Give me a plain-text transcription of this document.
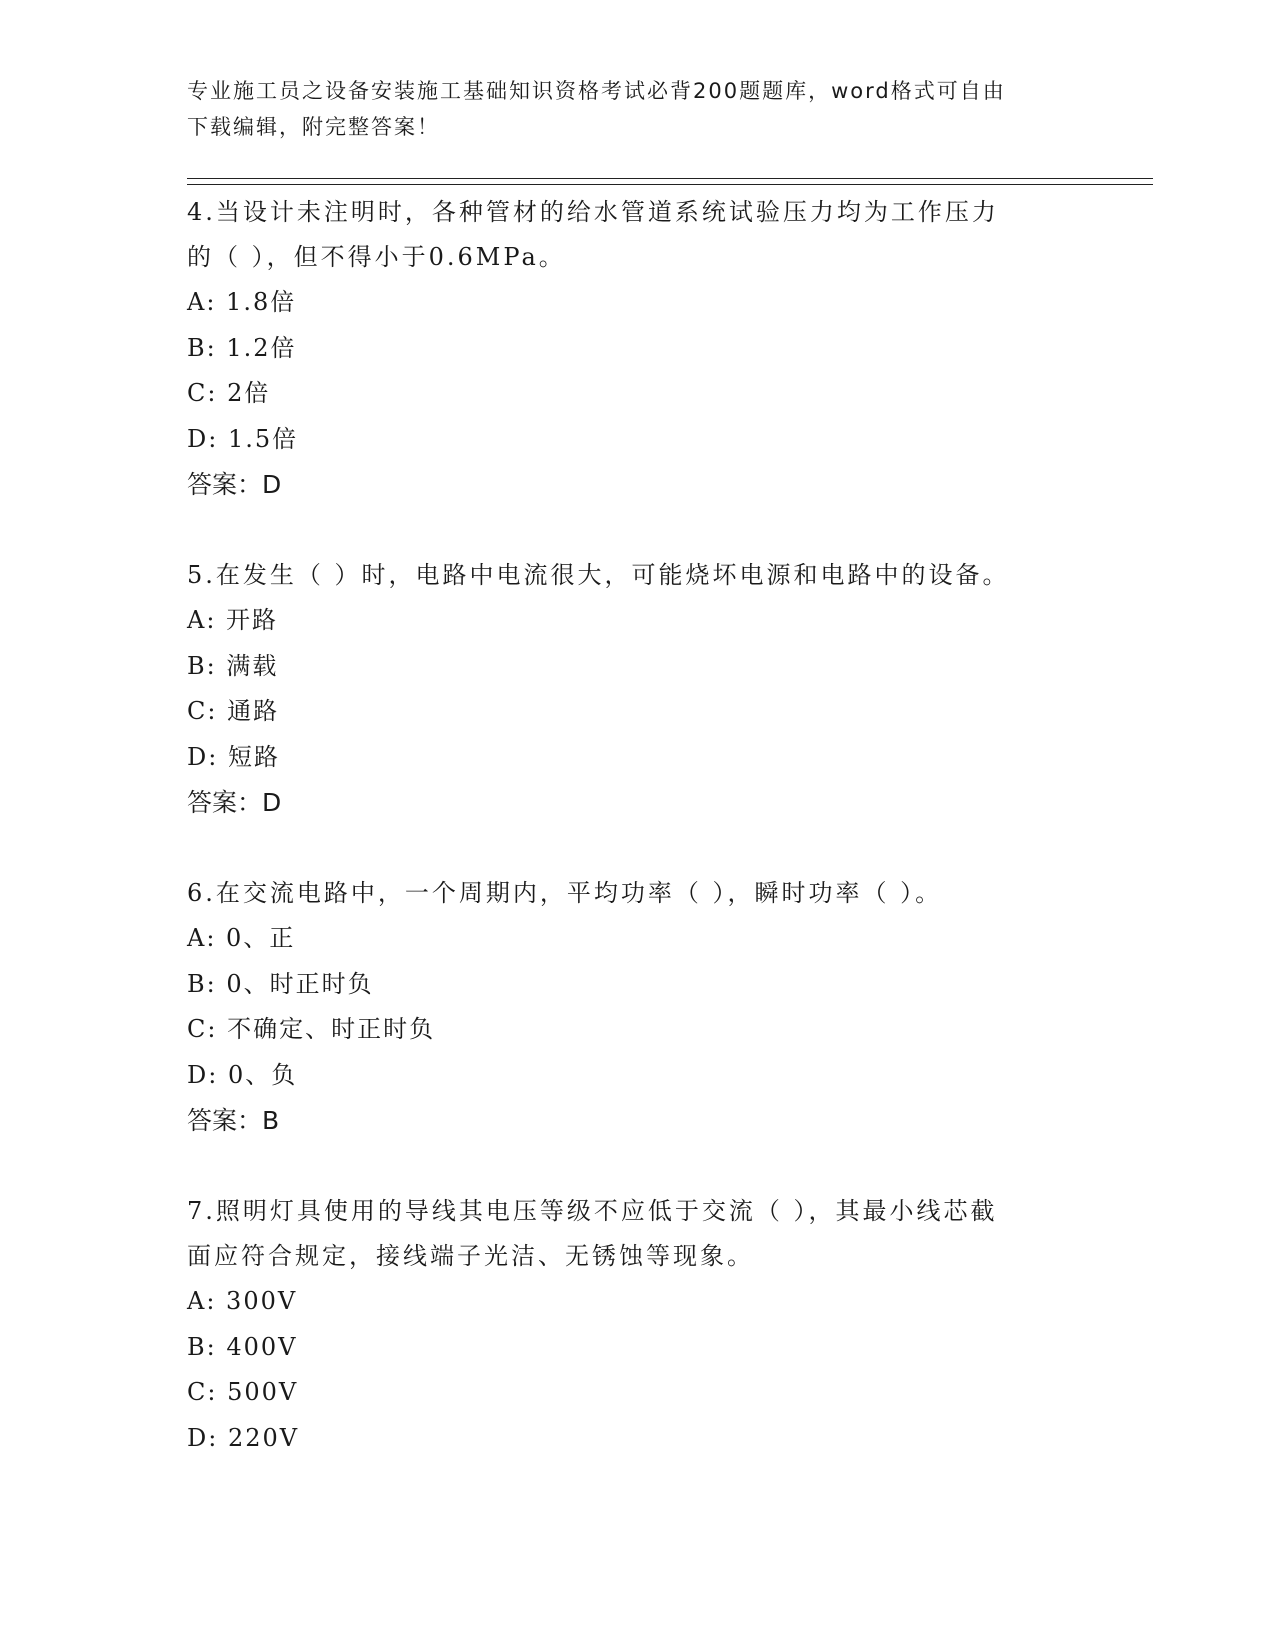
专业施工员之设备安装施工基础知识资格考试必背200题题库，word格式可自由
下载编辑，附完整答案！
4.当设计未注明时，各种管材的给水管道系统试验压力均为工作压力
的（ ），但不得小于0.6MPa。
A: 1.8倍
B: 1.2倍
C: 2倍
D: 1.5倍
答案：D
5.在发生（ ）时，电路中电流很大，可能烧坏电源和电路中的设备。
A: 开路
B: 满载
C: 通路
D: 短路
答案：D
6.在交流电路中，一个周期内，平均功率（ ），瞬时功率（ ）。
A: 0、正
B: 0、时正时负
C: 不确定、时正时负
D: 0、负
答案：B
7.照明灯具使用的导线其电压等级不应低于交流（ ），其最小线芯截
面应符合规定，接线端子光洁、无锈蚀等现象。
A: 300V
B: 400V
C: 500V
D: 220V
